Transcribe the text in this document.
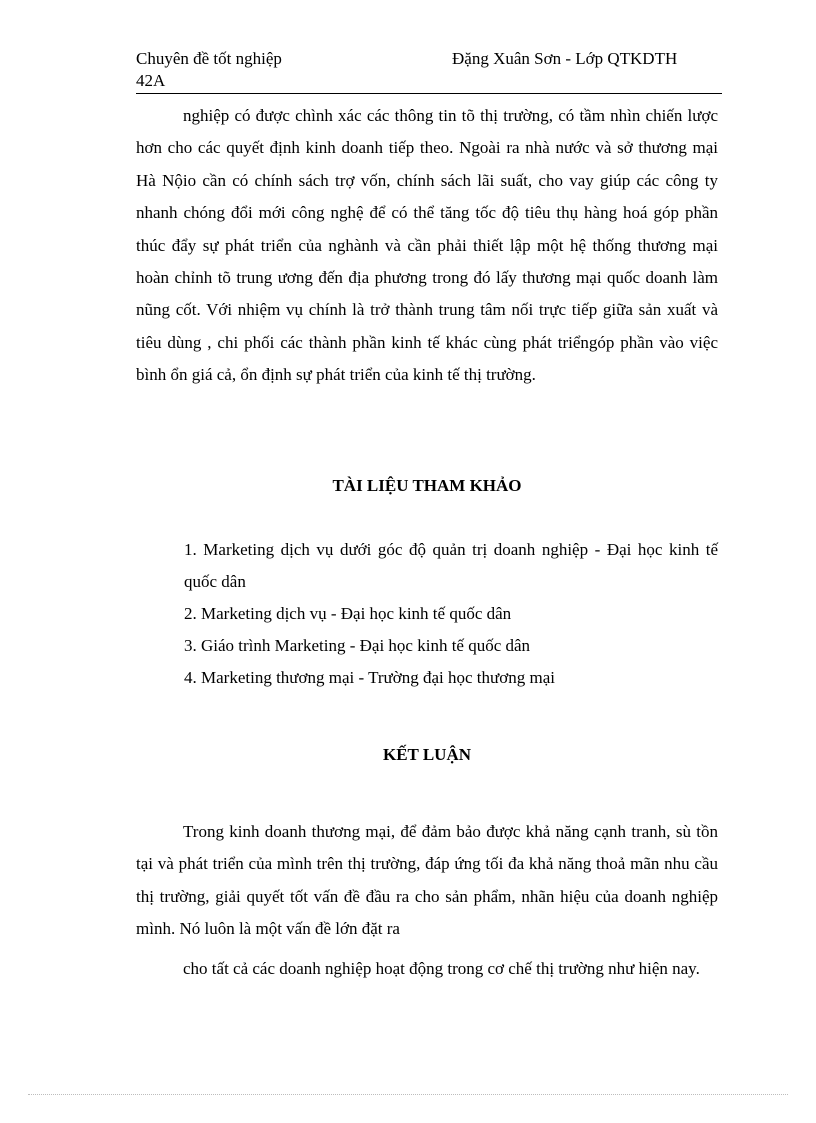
Chuyên đề tốt nghiệp	Đặng Xuân Sơn - Lớp QTKDTH
42A

nghiệp có được chình xác các thông tin tõ thị trường, có tầm nhìn chiến lược hơn cho các quyết định kinh doanh tiếp theo. Ngoài ra nhà nước và sở thương mại Hà Nộio cần có chính sách trợ vốn, chính sách lãi suất, cho vay giúp các công ty nhanh chóng đổi mới công nghệ để có thể tăng tốc độ tiêu thụ hàng hoá góp phần thúc đẩy sự phát triển của nghành và cần phải thiết lập một hệ thống thương mại hoàn chỉnh tõ trung ương đến địa phương trong đó lấy thương mại quốc doanh làm nũng cốt. Với nhiệm vụ chính là trở thành trung tâm nối trực tiếp giữa sản xuất và tiêu dùng , chi phối các thành phần kinh tế khác cùng phát triểngóp phần vào việc bình ổn giá cả, ổn định sự phát triển của kinh tế thị trường.

TÀI LIỆU THAM KHẢO
1. Marketing dịch vụ dưới góc độ quản trị doanh nghiệp - Đại học kinh tế quốc dân
2. Marketing dịch vụ - Đại học kinh tế quốc dân
3. Giáo trình Marketing - Đại học kinh tế quốc dân
4. Marketing thương mại - Trường đại học thương mại
KẾT LUẬN

Trong kinh doanh thương mại, để đảm bảo được khả năng cạnh tranh, sù tồn tại và phát triển của mình trên thị trường, đáp ứng tối đa khả năng thoả mãn nhu cầu thị trường, giải quyết tốt vấn đề đầu ra cho sản phẩm, nhãn hiệu của doanh nghiệp mình. Nó luôn là một vấn đề lớn đặt ra

cho tất cả các doanh nghiệp hoạt động trong cơ chế thị trường như hiện nay.
